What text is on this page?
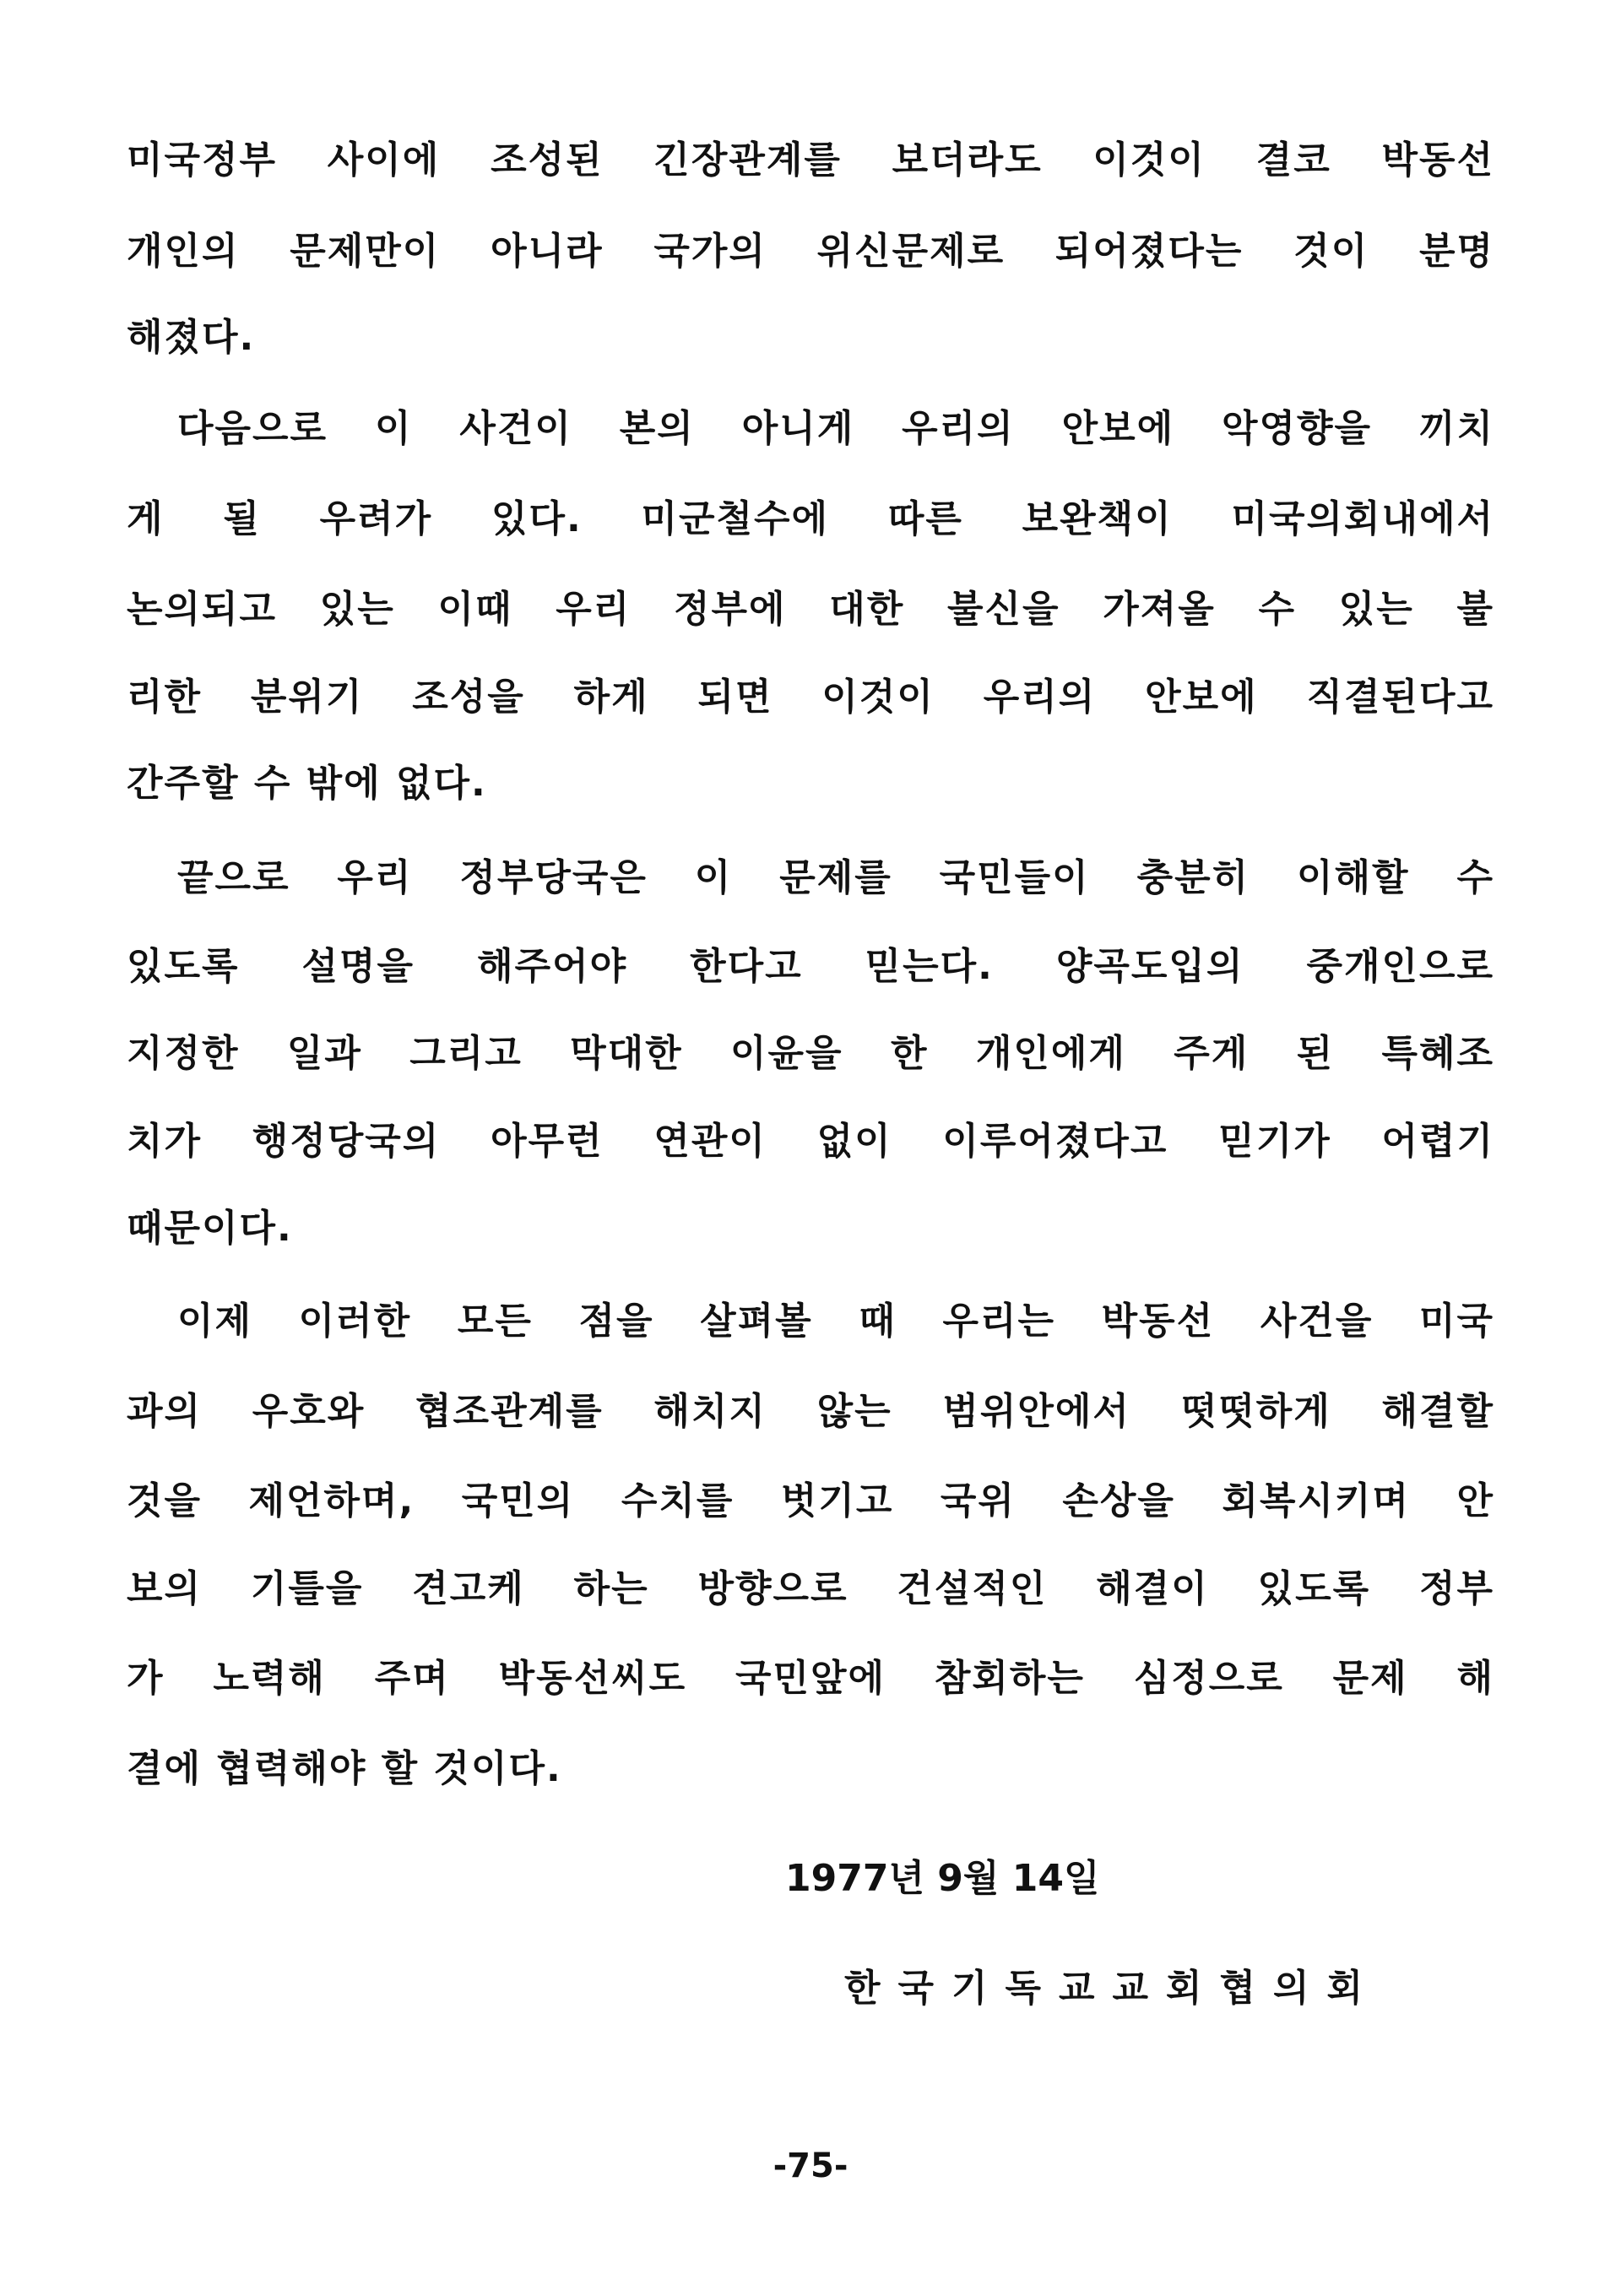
미국정부 사이에 조성된 긴장관계를 보더라도 이것이 결코 박동선
개인의 문제만이 아니라 국가의 위신문제로 되어졌다는 것이 분명
해졌다.
다음으로 이 사건이 본의 아니게 우리의 안보에 악영향을 끼치
게 될 우려가 있다. 미군철수에 따른 보완책이 미국의회내에서
논의되고 있는 이때 우리 정부에 대한 불신을 가져올 수 있는 불
리한 분위기 조성을 하게 되면 이것이 우리의 안보에 직결된다고
간주할 수 밖에 없다.
끝으로 우리 정부당국은 이 문제를 국민들이 충분히 이해할 수
있도록 설명을 해주어야 한다고 믿는다. 양곡도입의 중개인으로
지정한 일과 그리고 막대한 이윤을 한 개인에게 주게 된 특혜조
치가 행정당국의 아무런 연관이 없이 이루어졌다고 믿기가 어렵기
때문이다.
이제 이러한 모든 점을 살펴볼 때 우리는 박동선 사건을 미국
과의 우호와 협조관계를 해치지 않는 범위안에서 떳떳하게 해결할
것을 제언하며, 국민의 수치를 벗기고 국위 손상을 회복시키며 안
보의 기틀을 견고케 하는 방향으로 건설적인 해결이 있도록 정부
가 노력해 주며 박동선씨도 국민앞에 참회하는 심정으로 문제 해
결에 협력해야 할 것이다.
1977년 9월 14일
한국기독교교회협의회
-75-
